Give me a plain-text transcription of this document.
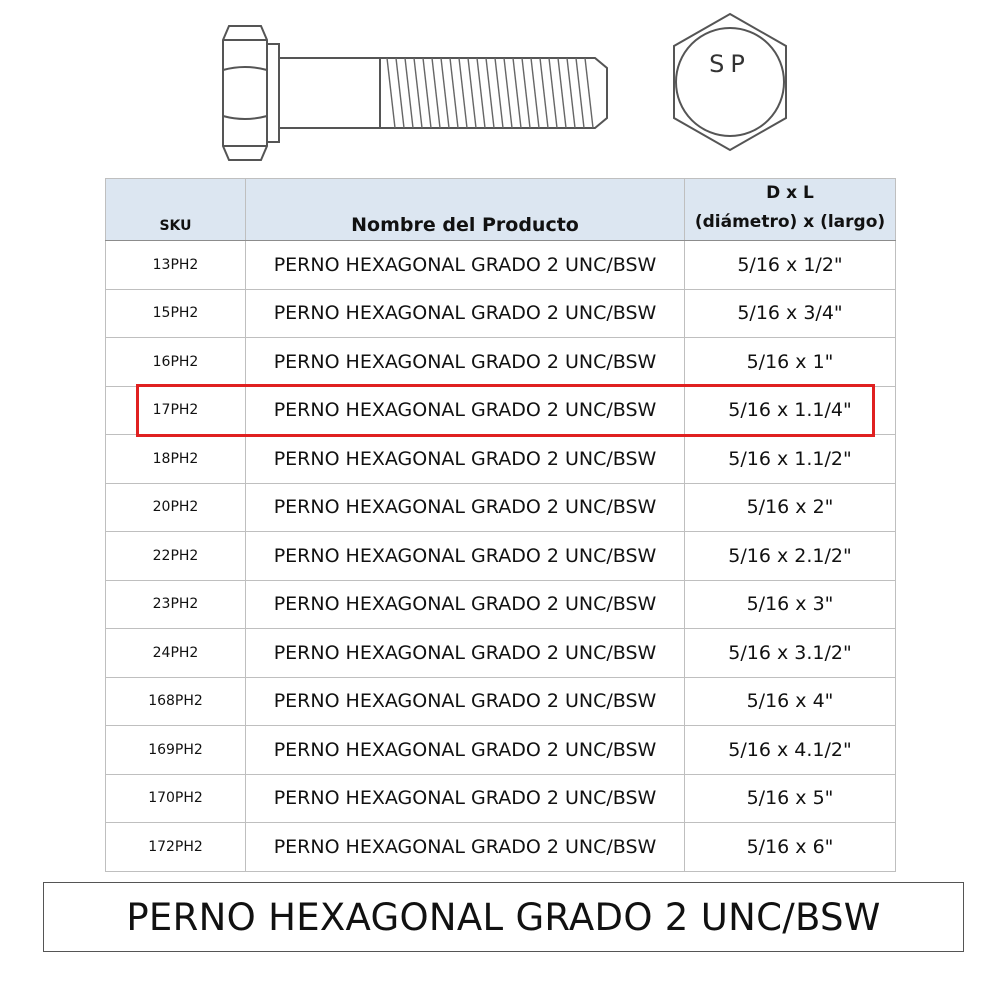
SP
SKU	Nombre del Producto	D x L
(diámetro) x (largo)

13PH2	PERNO HEXAGONAL GRADO 2 UNC/BSW	5/16 x 1/2"
15PH2	PERNO HEXAGONAL GRADO 2 UNC/BSW	5/16 x 3/4"
16PH2	PERNO HEXAGONAL GRADO 2 UNC/BSW	5/16 x 1"
17PH2	PERNO HEXAGONAL GRADO 2 UNC/BSW	5/16 x 1.1/4"
18PH2	PERNO HEXAGONAL GRADO 2 UNC/BSW	5/16 x 1.1/2"
20PH2	PERNO HEXAGONAL GRADO 2 UNC/BSW	5/16 x 2"
22PH2	PERNO HEXAGONAL GRADO 2 UNC/BSW	5/16 x 2.1/2"
23PH2	PERNO HEXAGONAL GRADO 2 UNC/BSW	5/16 x 3"
24PH2	PERNO HEXAGONAL GRADO 2 UNC/BSW	5/16 x 3.1/2"
168PH2	PERNO HEXAGONAL GRADO 2 UNC/BSW	5/16 x 4"
169PH2	PERNO HEXAGONAL GRADO 2 UNC/BSW	5/16 x 4.1/2"
170PH2	PERNO HEXAGONAL GRADO 2 UNC/BSW	5/16 x 5"
172PH2	PERNO HEXAGONAL GRADO 2 UNC/BSW	5/16 x 6"
PERNO HEXAGONAL GRADO 2 UNC/BSW
